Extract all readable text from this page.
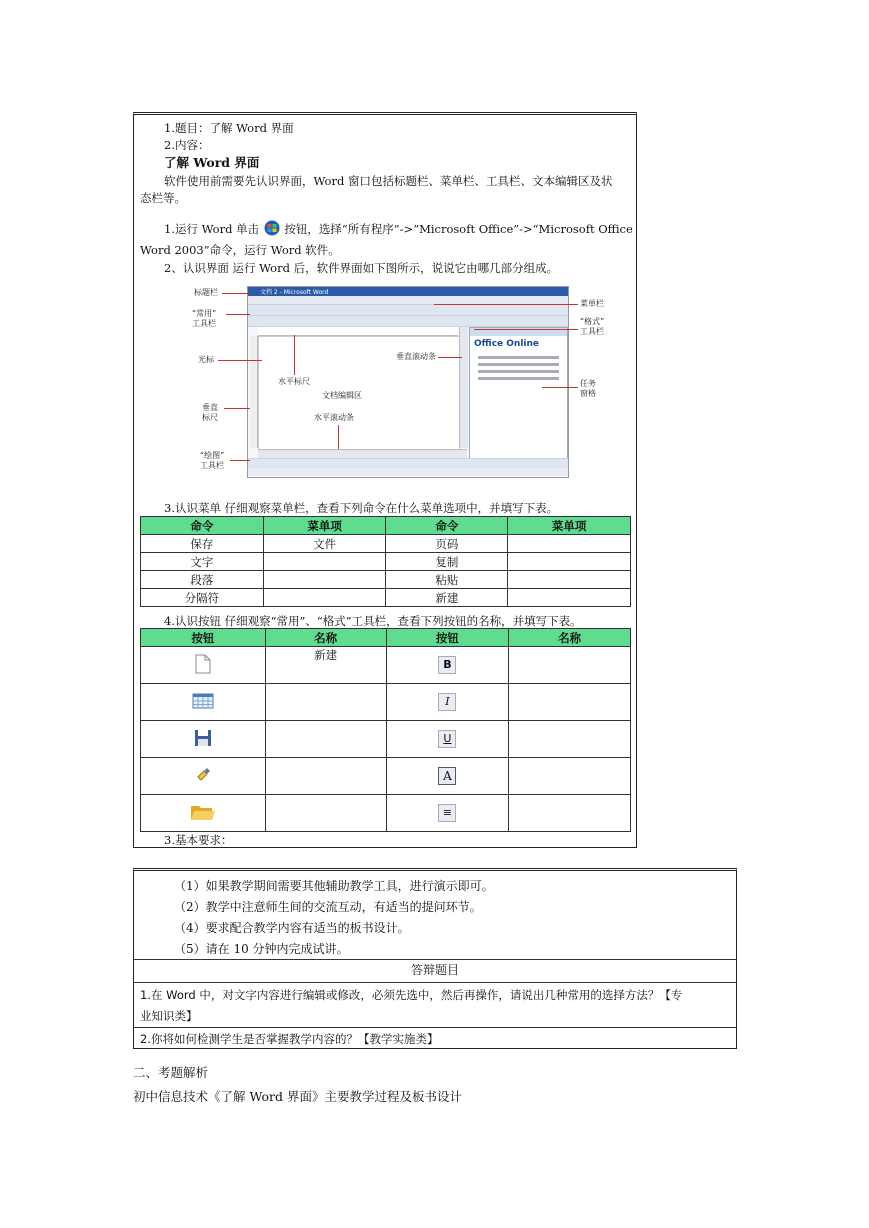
1.题目：了解 Word 界面
2.内容：
了解 Word 界面
软件使用前需要先认识界面，Word 窗口包括标题栏、菜单栏、工具栏、文本编辑区及状
态栏等。
1.运行 Word 单击 按钮，选择“所有程序”->“Microsoft Office”->“Microsoft Office
Word 2003”命令，运行 Word 软件。
2、认识界面 运行 Word 后，软件界面如下图所示，说说它由哪几部分组成。
文档 2 - Microsoft Word
Office Online
标题栏
“常用”
工具栏
光标
垂直
标尺
“绘图”
工具栏
水平标尺
文档编辑区
水平滚动条
垂直滚动条
菜单栏
“格式”
工具栏
任务
窗格
3.认识菜单 仔细观察菜单栏，查看下列命令在什么菜单选项中，并填写下表。
4.认识按钮 仔细观察“常用”、“格式”工具栏，查看下列按钮的名称，并填写下表。
3.基本要求：
命令	菜单项	命令	菜单项
保存	文件	页码	
文字		复制	
段落		粘贴	
分隔符		新建	
按钮	名称	按钮	名称
	新建	B	
		I	
		U	
		A	
		≡	
（1）如果教学期间需要其他辅助教学工具，进行演示即可。
（2）教学中注意师生间的交流互动，有适当的提问环节。
（4）要求配合教学内容有适当的板书设计。
（5）请在 10 分钟内完成试讲。
答辩题目
1.在 Word 中，对文字内容进行编辑或修改，必须先选中，然后再操作，请说出几种常用的选择方法？【专
业知识类】
2.你将如何检测学生是否掌握教学内容的？【教学实施类】
二、考题解析
初中信息技术《了解 Word 界面》主要教学过程及板书设计
